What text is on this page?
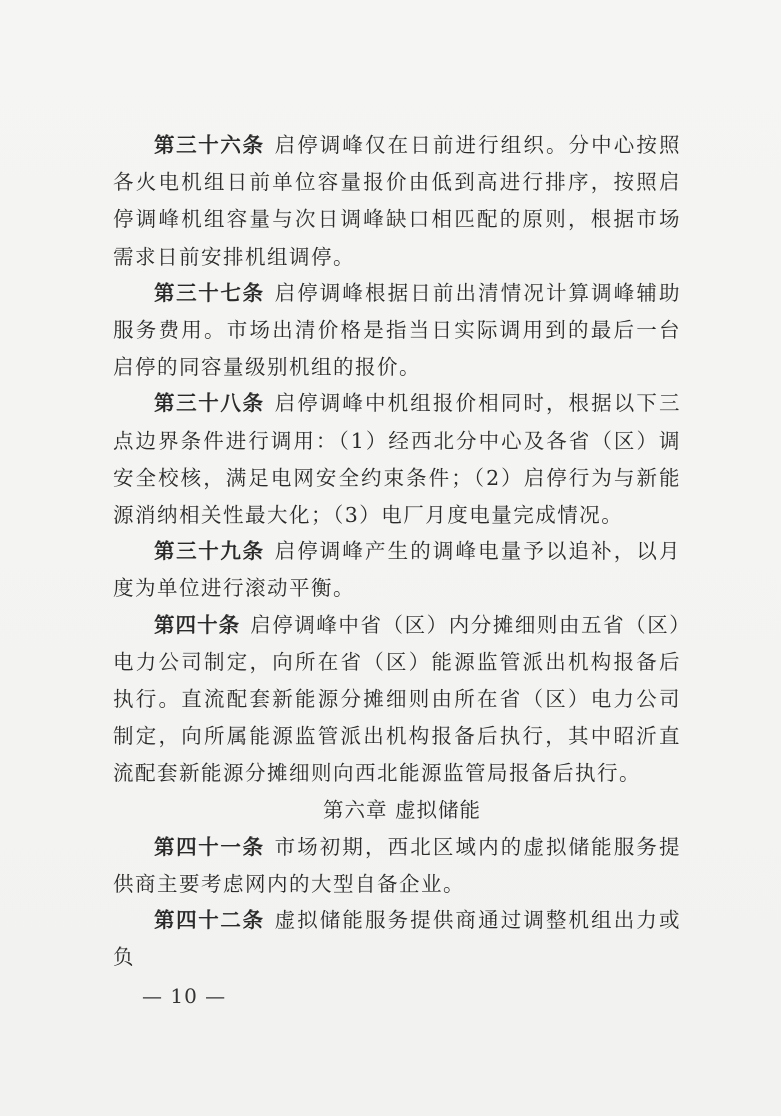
第三十六条 启停调峰仅在日前进行组织。分中心按照各火电机组日前单位容量报价由低到高进行排序，按照启停调峰机组容量与次日调峰缺口相匹配的原则，根据市场需求日前安排机组调停。

第三十七条 启停调峰根据日前出清情况计算调峰辅助服务费用。市场出清价格是指当日实际调用到的最后一台启停的同容量级别机组的报价。

第三十八条 启停调峰中机组报价相同时，根据以下三点边界条件进行调用：（1）经西北分中心及各省（区）调安全校核，满足电网安全约束条件；（2）启停行为与新能源消纳相关性最大化；（3）电厂月度电量完成情况。

第三十九条 启停调峰产生的调峰电量予以追补，以月度为单位进行滚动平衡。

第四十条 启停调峰中省（区）内分摊细则由五省（区）电力公司制定，向所在省（区）能源监管派出机构报备后执行。直流配套新能源分摊细则由所在省（区）电力公司制定，向所属能源监管派出机构报备后执行，其中昭沂直流配套新能源分摊细则向西北能源监管局报备后执行。

第六章 虚拟储能

第四十一条 市场初期，西北区域内的虚拟储能服务提供商主要考虑网内的大型自备企业。

第四十二条 虚拟储能服务提供商通过调整机组出力或负

— 10 —
